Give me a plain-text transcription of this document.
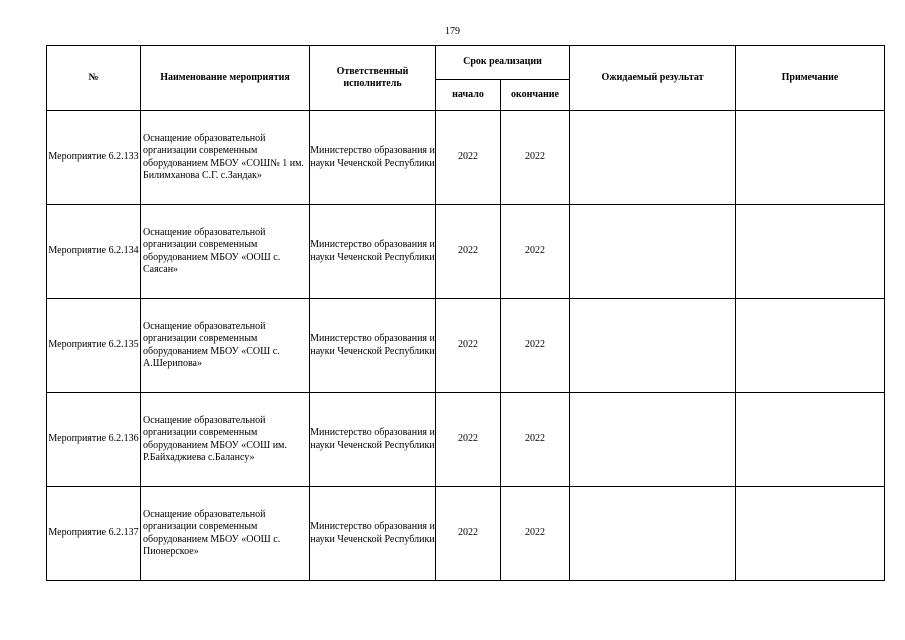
179
№	Наименование мероприятия	Ответственный исполнитель	Срок реализации		Ожидаемый результат	Примечание
			начало	окончание		
Мероприятие 6.2.133	Оснащение образовательной организации современным оборудованием МБОУ «СОШ№ 1 им. Билимханова С.Г. с.Зандак»	Министерство образования и науки Чеченской Республики	2022	2022		
Мероприятие 6.2.134	Оснащение образовательной организации современным оборудованием МБОУ «ООШ с. Саясан»	Министерство образования и науки Чеченской Республики	2022	2022		
Мероприятие 6.2.135	Оснащение образовательной организации современным оборудованием МБОУ «СОШ с. А.Шерипова»	Министерство образования и науки Чеченской Республики	2022	2022		
Мероприятие 6.2.136	Оснащение образовательной организации современным оборудованием МБОУ «СОШ им. Р.Байхаджиева с.Балансу»	Министерство образования и науки Чеченской Республики	2022	2022		
Мероприятие 6.2.137	Оснащение образовательной организации современным оборудованием МБОУ «ООШ с. Пионерское»	Министерство образования и науки Чеченской Республики	2022	2022		
